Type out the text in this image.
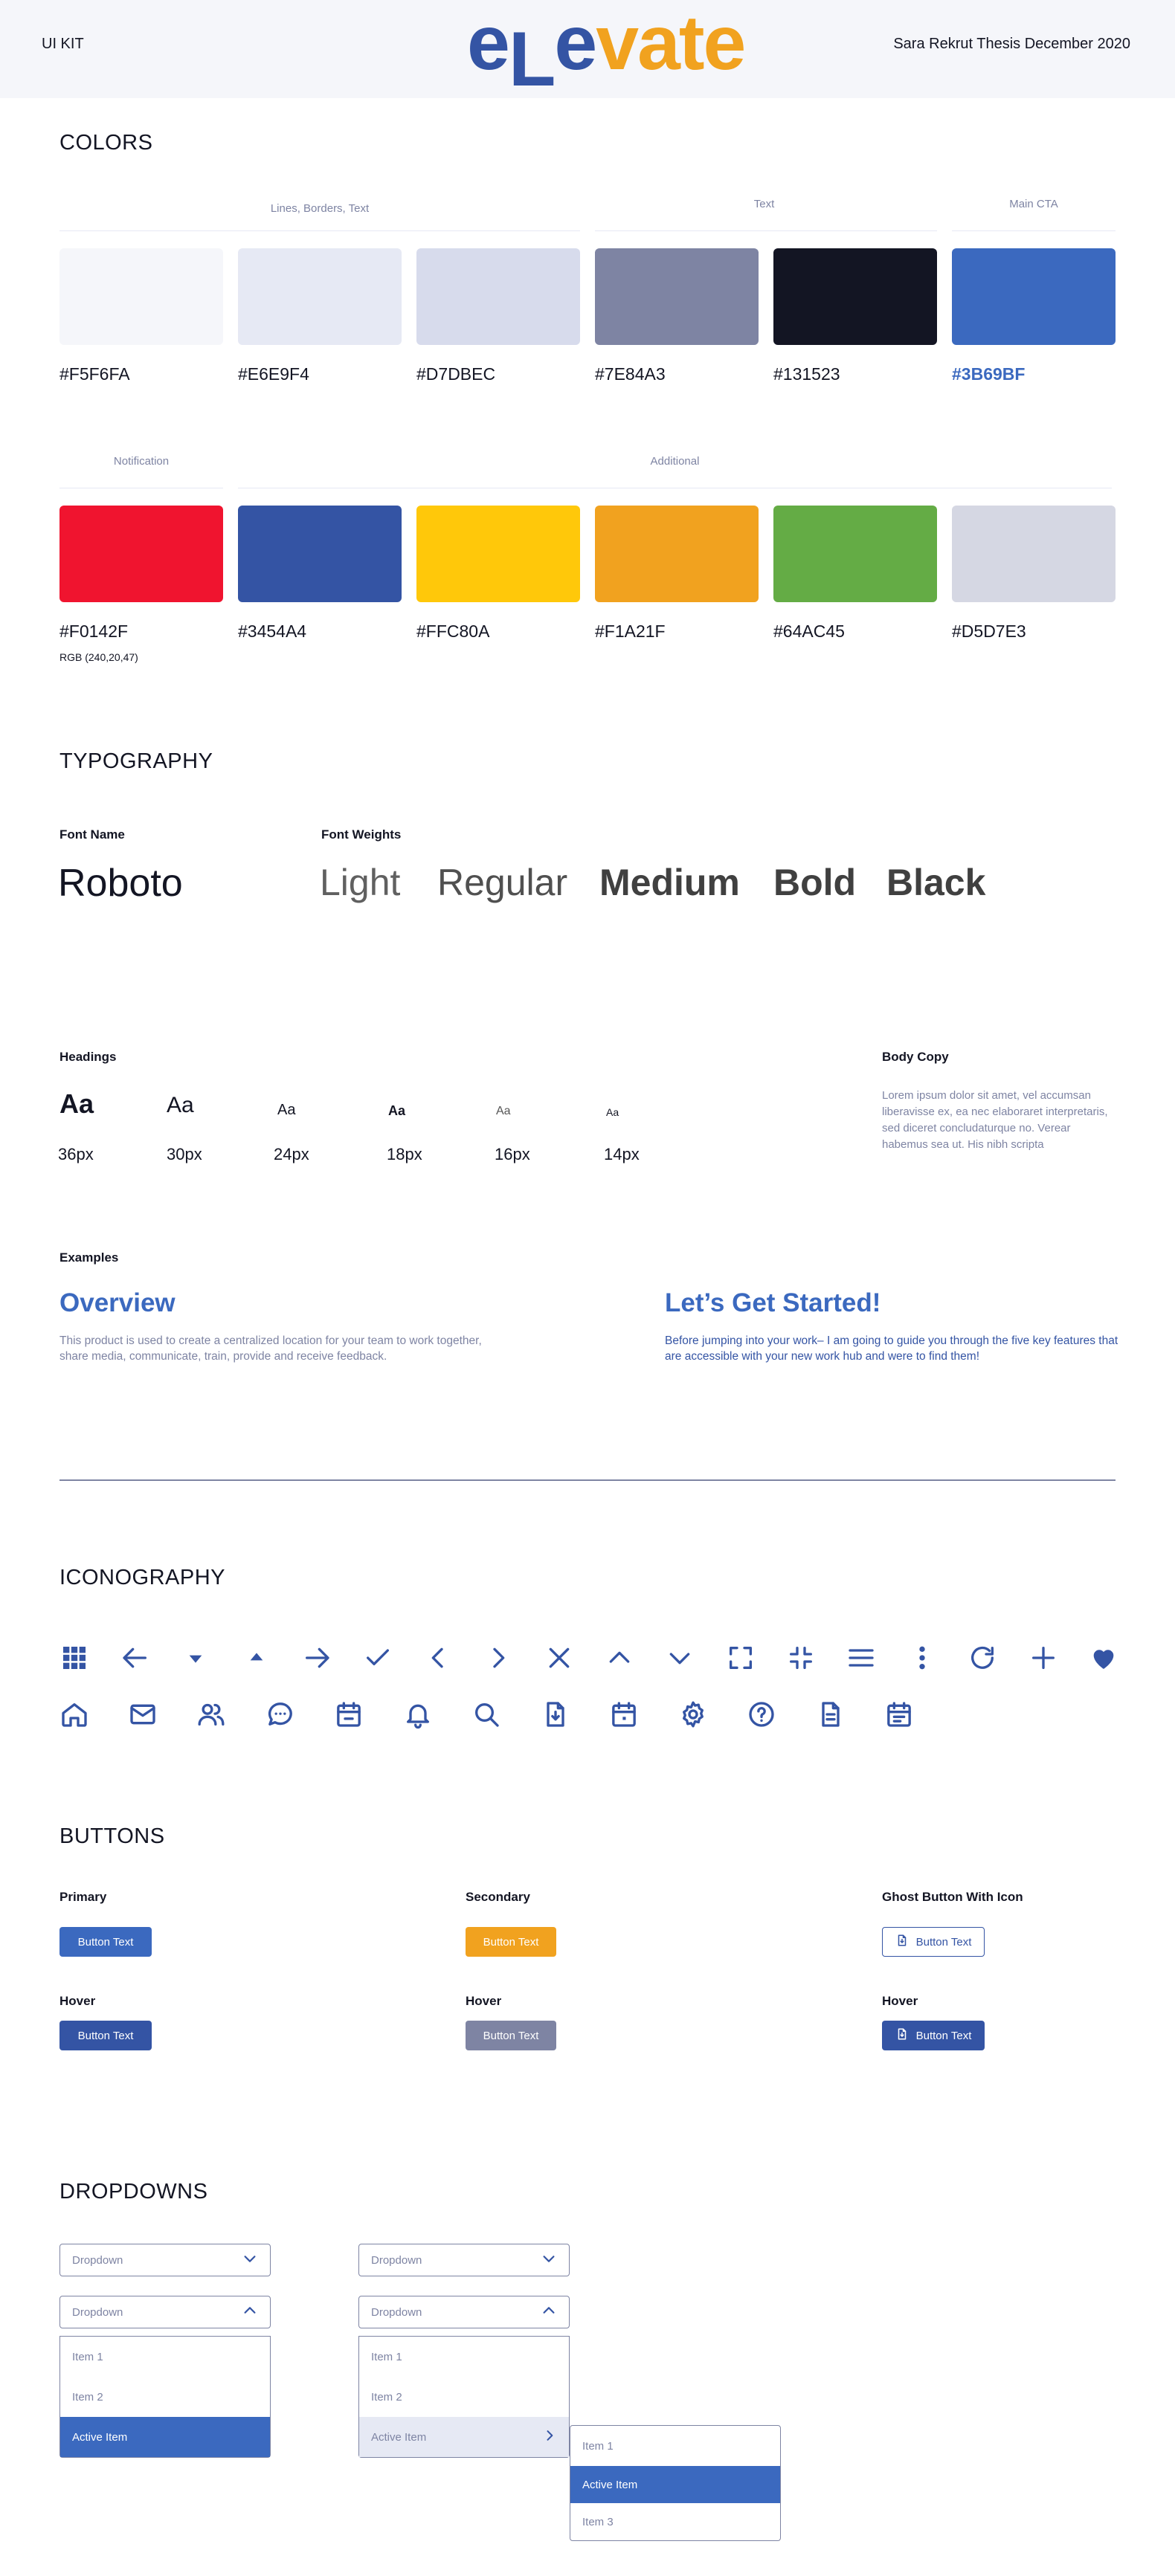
UI KIT	eLevate	Sara Rekrut Thesis December 2020
COLORS
Lines, Borders, Text	Text	Main CTA
#F5F6FA	#E6E9F4	#D7DBEC	#7E84A3	#131523	#3B69BF
Notification	Additional
#F0142F	#3454A4	#FFC80A	#F1A21F	#64AC45	#D5D7E3
RGB (240,20,47)
TYPOGRAPHY
Font Name
Roboto
Font Weights
Light Regular Medium Bold Black
Headings
Aa	Aa	Aa	Aa	Aa	Aa
36px	30px	24px	18px	16px	14px
Body Copy
Lorem ipsum dolor sit amet, vel accumsan liberavisse ex, ea nec elaboraret interpretaris, sed diceret concludaturque no. Verear habemus sea ut. His nibh scripta
Examples
Overview
This product is used to create a centralized location for your team to work together, share media, communicate, train, provide and receive feedback.
Let’s Get Started!
Before jumping into your work– I am going to guide you through the five key features that are accessible with your new work hub and were to find them!
ICONOGRAPHY
BUTTONS
Primary	Secondary	Ghost Button With Icon
Button Text	Button Text	Button Text
Hover	Hover	Hover
Button Text	Button Text	Button Text
DROPDOWNS
Dropdown	Dropdown
Dropdown	Dropdown
Item 1
Item 2
Active Item
Item 1
Item 2
Active Item
Item 1
Active Item
Item 3
